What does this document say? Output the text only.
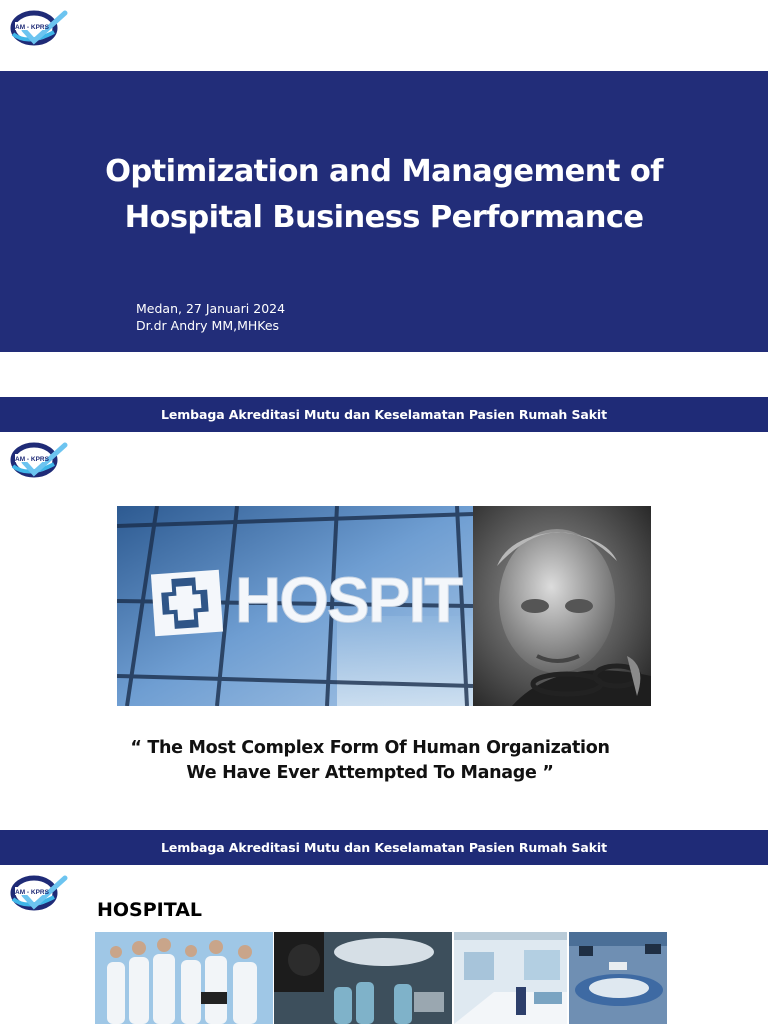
LAM - KPRS
Optimization and Management of
Hospital Business Performance
Medan, 27 Januari 2024
Dr.dr Andry MM,MHKes
Lembaga Akreditasi Mutu dan Keselamatan Pasien Rumah Sakit
LAM - KPRS
HOSPIT
“ The Most Complex Form Of Human Organization
We Have Ever Attempted To Manage ”
Lembaga Akreditasi Mutu dan Keselamatan Pasien Rumah Sakit
LAM - KPRS
HOSPITAL
